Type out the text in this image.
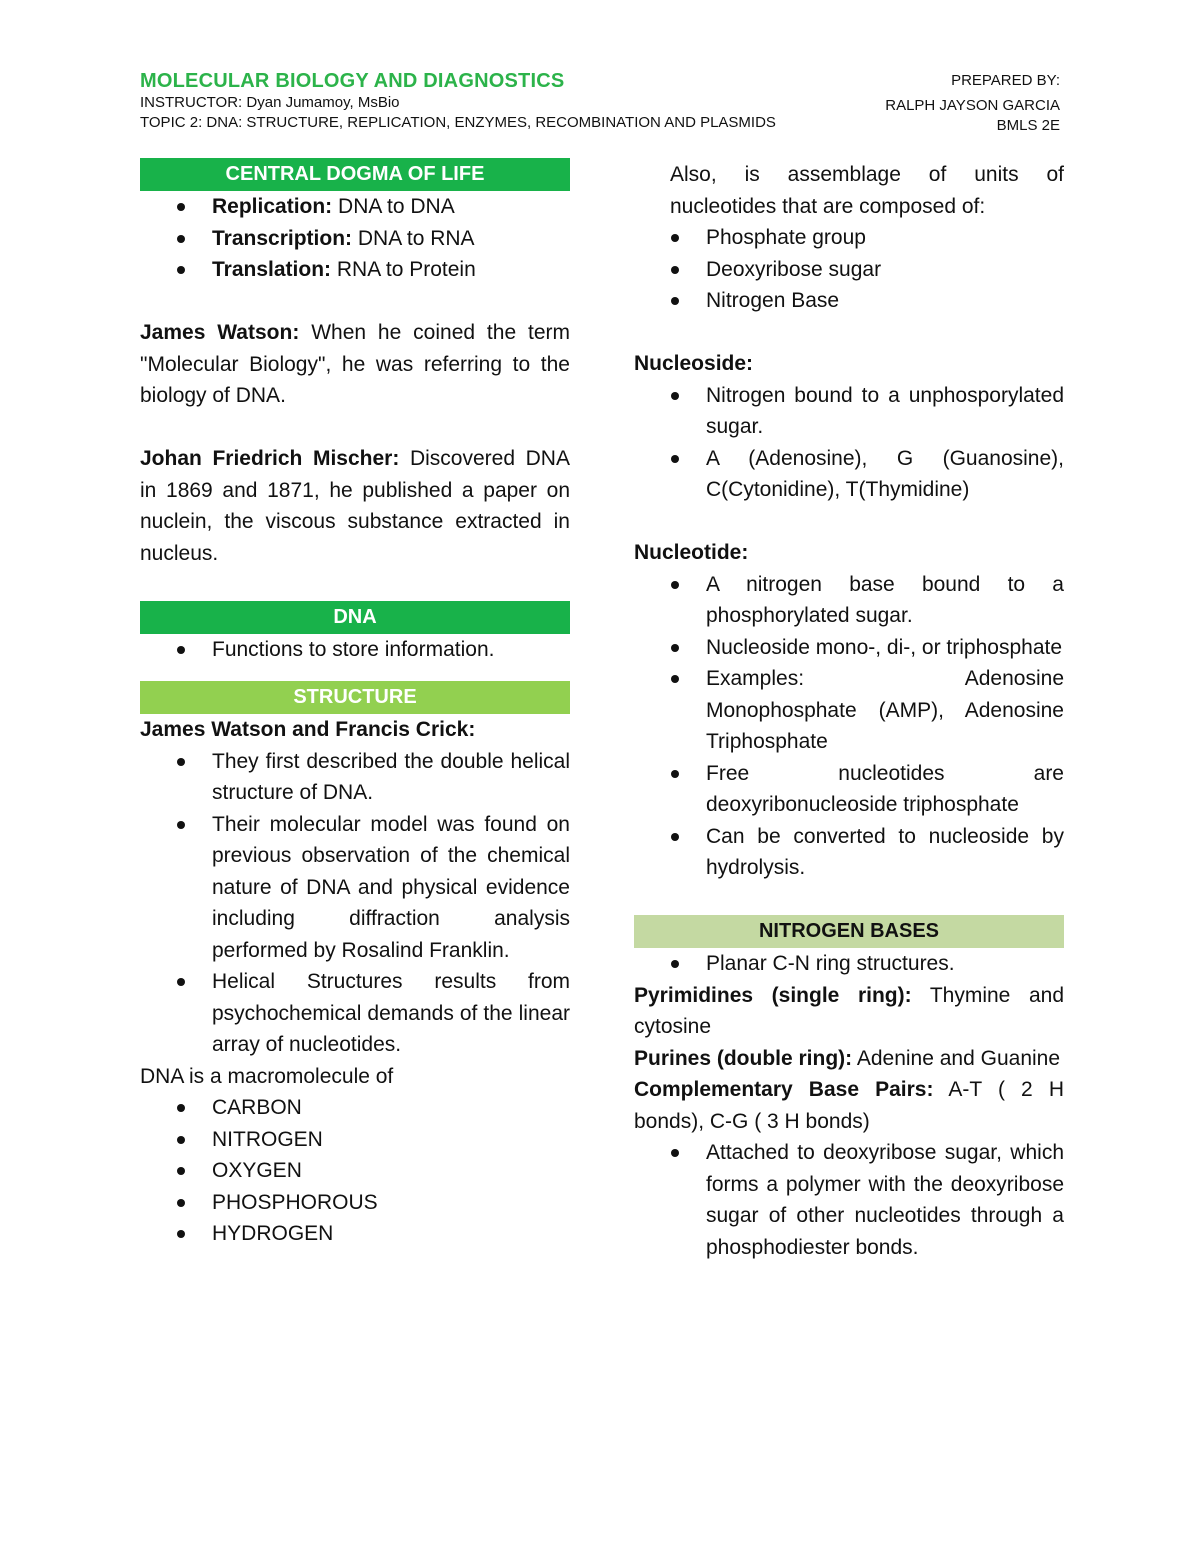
PREPARED BY:
MOLECULAR BIOLOGY AND DIAGNOSTICS
RALPH JAYSON GARCIA
INSTRUCTOR: Dyan Jumamoy, MsBio
BMLS 2E
TOPIC 2: DNA: STRUCTURE, REPLICATION, ENZYMES, RECOMBINATION AND PLASMIDS
CENTRAL DOGMA OF LIFE
Replication: DNA to DNA
Transcription: DNA to RNA
Translation: RNA to Protein

James Watson: When he coined the term "Molecular Biology", he was referring to the biology of DNA.

Johan Friedrich Mischer: Discovered DNA in 1869 and 1871, he published a paper on nuclein, the viscous substance extracted in nucleus.

DNA
Functions to store information.
STRUCTURE

James Watson and Francis Crick:

They first described the double helical structure of DNA.
Their molecular model was found on previous observation of the chemical nature of DNA and physical evidence including diffraction analysis performed by Rosalind Franklin.
Helical Structures results from psychochemical demands of the linear array of nucleotides.

DNA is a macromolecule of

CARBON
NITROGEN
OXYGEN
PHOSPHOROUS
HYDROGEN

Also, is assemblage of units of nucleotides that are composed of:

Phosphate group
Deoxyribose sugar
Nitrogen Base

Nucleoside:

Nitrogen bound to a unphosporylated sugar.
A (Adenosine), G (Guanosine), C(Cytonidine), T(Thymidine)

Nucleotide:

A nitrogen base bound to a phosphorylated sugar.
Nucleoside mono-, di-, or triphosphate
Examples: Adenosine Monophosphate (AMP), Adenosine Triphosphate
Free nucleotides are deoxyribonucleoside triphosphate
Can be converted to nucleoside by hydrolysis.
NITROGEN BASES
Planar C-N ring structures.

Pyrimidines (single ring): Thymine and cytosine

Purines (double ring): Adenine and Guanine

Complementary Base Pairs: A-T ( 2 H bonds), C-G ( 3 H bonds)

Attached to deoxyribose sugar, which forms a polymer with the deoxyribose sugar of other nucleotides through a phosphodiester bonds.
